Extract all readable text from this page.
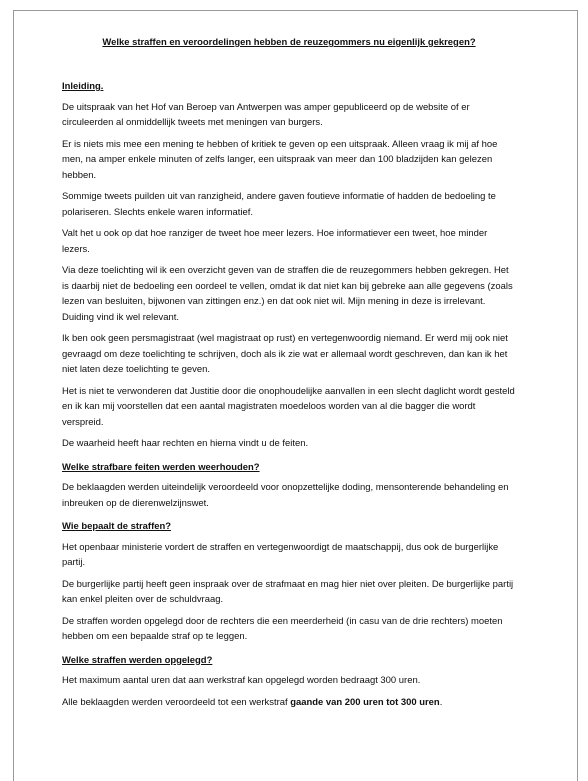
Welke straffen en veroordelingen hebben de reuzegommers nu eigenlijk gekregen?
Inleiding.

De uitspraak van het Hof van Beroep van Antwerpen was amper gepubliceerd op de website of er circuleerden al onmiddellijk tweets met meningen van burgers.

Er is niets mis mee een mening te hebben of kritiek te geven op een uitspraak. Alleen vraag ik mij af hoe men, na amper enkele minuten of zelfs langer, een uitspraak van meer dan 100 bladzijden kan gelezen hebben.

Sommige tweets puilden uit van ranzigheid, andere gaven foutieve informatie of hadden de bedoeling te polariseren. Slechts enkele waren informatief.

Valt het u ook op dat hoe ranziger de tweet hoe meer lezers. Hoe informatiever een tweet, hoe minder lezers.

Via deze toelichting wil ik een overzicht geven van de straffen die de reuzegommers hebben gekregen. Het is daarbij niet de bedoeling een oordeel te vellen, omdat ik dat niet kan bij gebreke aan alle gegevens (zoals lezen van besluiten, bijwonen van zittingen enz.) en dat ook niet wil. Mijn mening in deze is irrelevant. Duiding vind ik wel relevant.

Ik ben ook geen persmagistraat (wel magistraat op rust) en vertegenwoordig niemand. Er werd mij ook niet gevraagd om deze toelichting te schrijven, doch als ik zie wat er allemaal wordt geschreven, dan kan ik het niet laten deze toelichting te geven.

Het is niet te verwonderen dat Justitie door die onophoudelijke aanvallen in een slecht daglicht wordt gesteld en ik kan mij voorstellen dat een aantal magistraten moedeloos worden van al die bagger die wordt verspreid.

De waarheid heeft haar rechten en hierna vindt u de feiten.

Welke strafbare feiten werden weerhouden?

De beklaagden werden uiteindelijk veroordeeld voor onopzettelijke doding, mensonterende behandeling en inbreuken op de dierenwelzijnswet.

Wie bepaalt de straffen?

Het openbaar ministerie vordert de straffen en vertegenwoordigt de maatschappij, dus ook de burgerlijke partij.

De burgerlijke partij heeft geen inspraak over de strafmaat en mag hier niet over pleiten. De burgerlijke partij kan enkel pleiten over de schuldvraag.

De straffen worden opgelegd door de rechters die een meerderheid (in casu van de drie rechters) moeten hebben om een bepaalde straf op te leggen.

Welke straffen werden opgelegd?

Het maximum aantal uren dat aan werkstraf kan opgelegd worden bedraagt 300 uren.

Alle beklaagden werden veroordeeld tot een werkstraf gaande van 200 uren tot 300 uren.
